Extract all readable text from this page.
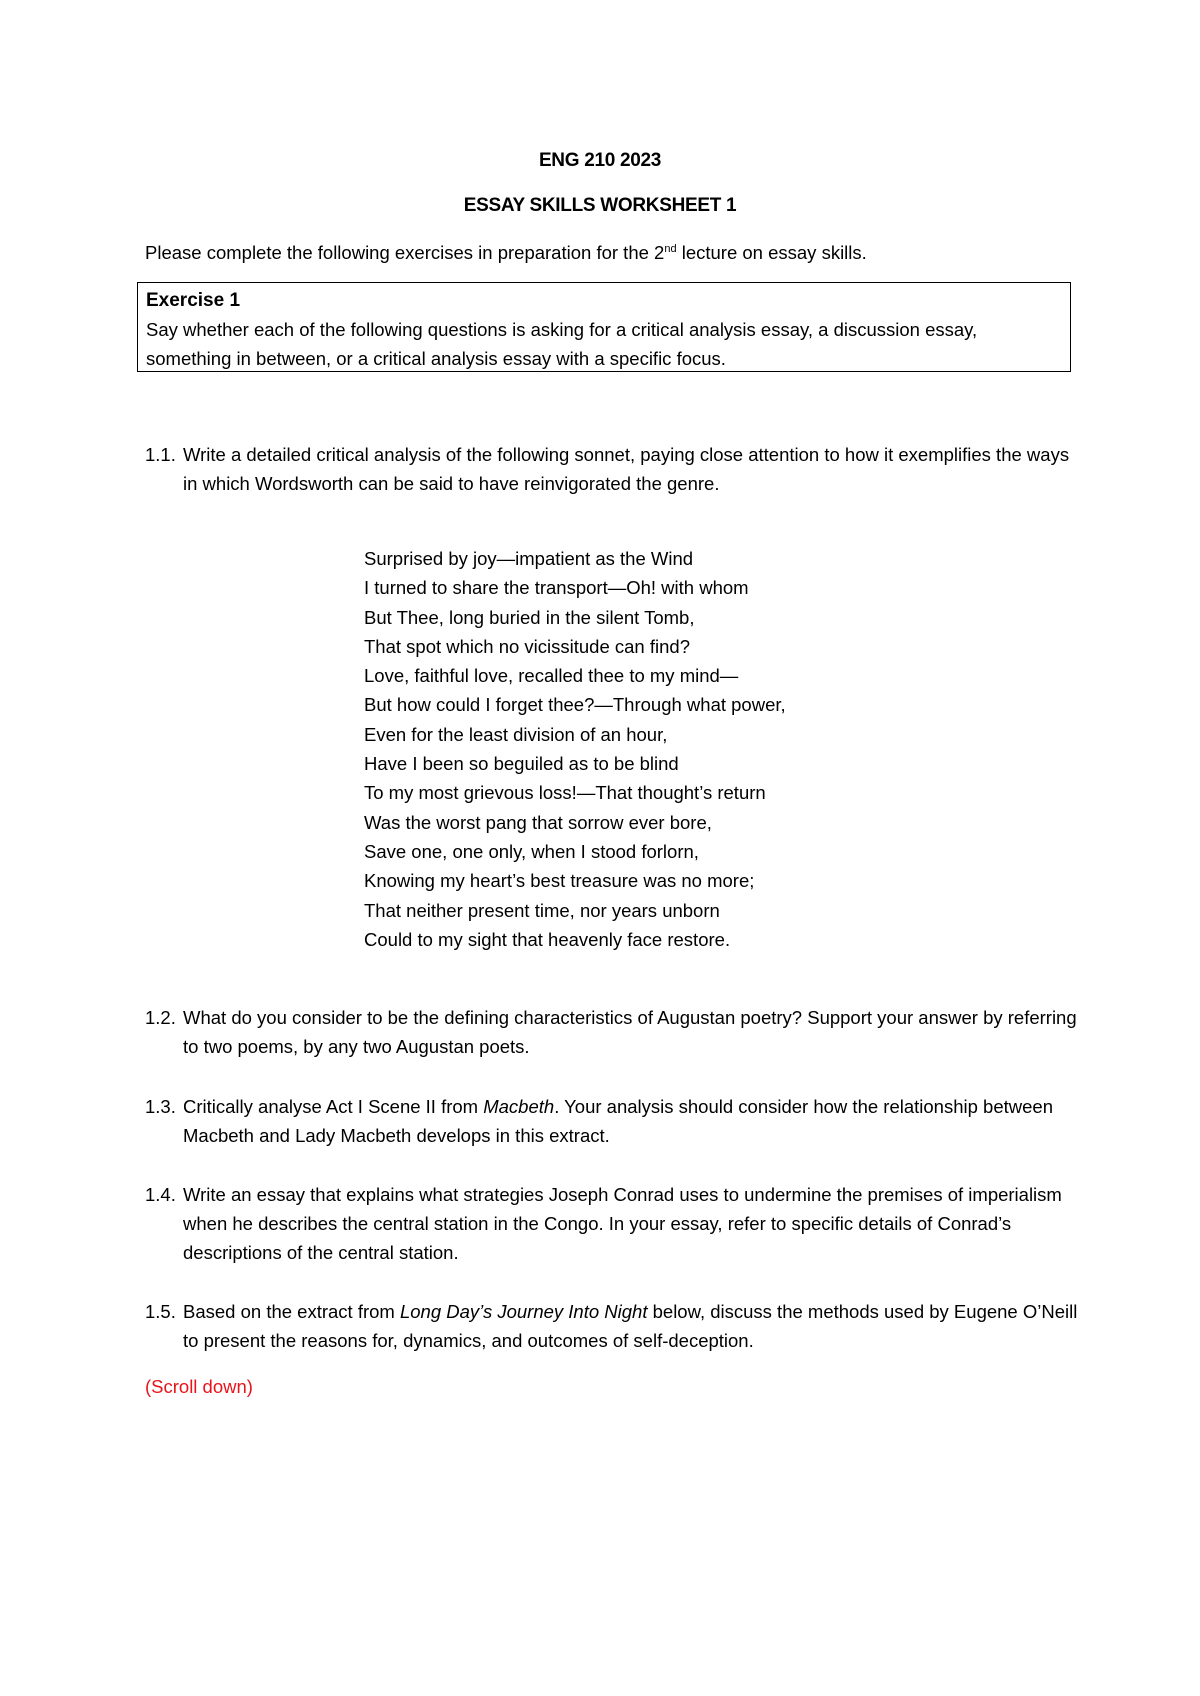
ENG 210 2023
ESSAY SKILLS WORKSHEET 1
Please complete the following exercises in preparation for the 2nd lecture on essay skills.
Exercise 1
Say whether each of the following questions is asking for a critical analysis essay, a discussion essay, something in between, or a critical analysis essay with a specific focus.
1.1. Write a detailed critical analysis of the following sonnet, paying close attention to how it exemplifies the ways in which Wordsworth can be said to have reinvigorated the genre.
Surprised by joy—impatient as the Wind
I turned to share the transport—Oh! with whom
But Thee, long buried in the silent Tomb,
That spot which no vicissitude can find?
Love, faithful love, recalled thee to my mind—
But how could I forget thee?—Through what power,
Even for the least division of an hour,
Have I been so beguiled as to be blind
To my most grievous loss!—That thought’s return
Was the worst pang that sorrow ever bore,
Save one, one only, when I stood forlorn,
Knowing my heart’s best treasure was no more;
That neither present time, nor years unborn
Could to my sight that heavenly face restore.
1.2. What do you consider to be the defining characteristics of Augustan poetry? Support your answer by referring to two poems, by any two Augustan poets.
1.3. Critically analyse Act I Scene II from Macbeth. Your analysis should consider how the relationship between Macbeth and Lady Macbeth develops in this extract.
1.4. Write an essay that explains what strategies Joseph Conrad uses to undermine the premises of imperialism when he describes the central station in the Congo. In your essay, refer to specific details of Conrad’s descriptions of the central station.
1.5. Based on the extract from Long Day’s Journey Into Night below, discuss the methods used by Eugene O’Neill to present the reasons for, dynamics, and outcomes of self-deception.
(Scroll down)
